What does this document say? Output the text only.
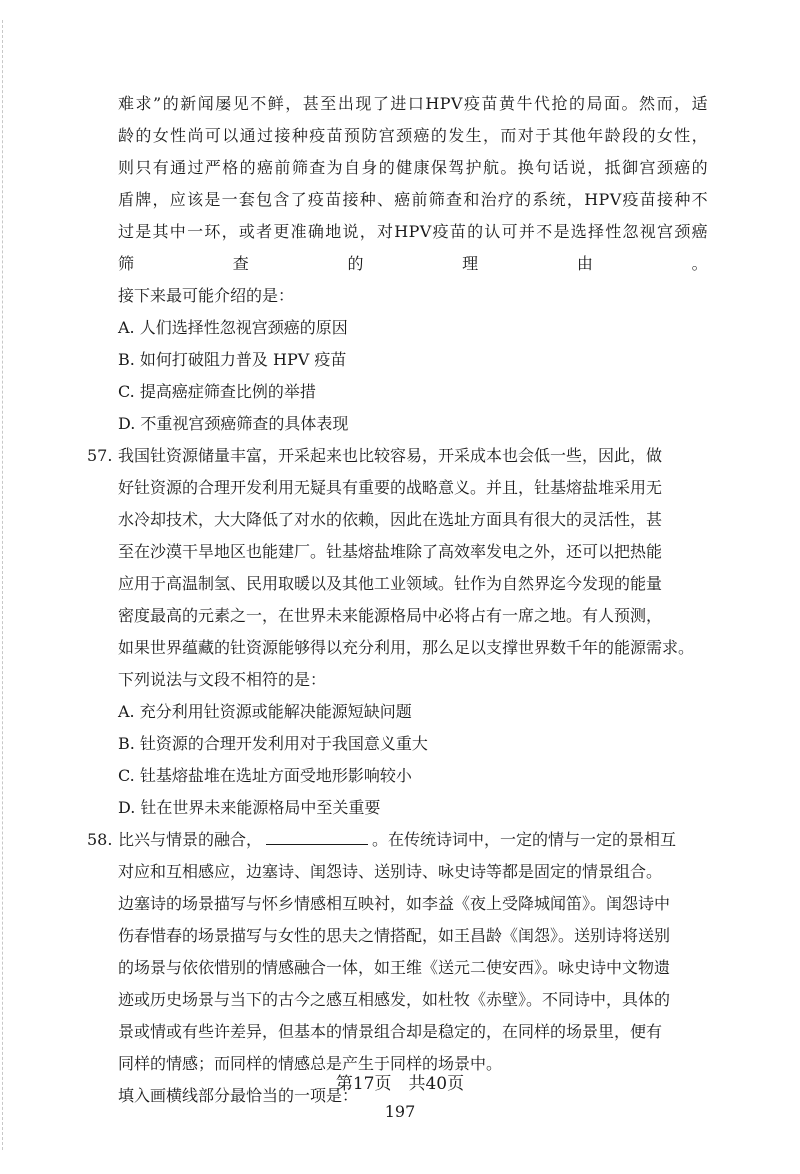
难求”的新闻屡见不鲜，甚至出现了进口HPV疫苗黄牛代抢的局面。然而，适
龄的女性尚可以通过接种疫苗预防宫颈癌的发生，而对于其他年龄段的女性，
则只有通过严格的癌前筛查为自身的健康保驾护航。换句话说，抵御宫颈癌的
盾牌，应该是一套包含了疫苗接种、癌前筛查和治疗的系统，HPV疫苗接种不
过是其中一环，或者更准确地说，对HPV疫苗的认可并不是选择性忽视宫颈癌
筛查的理由。
接下来最可能介绍的是：
A. 人们选择性忽视宫颈癌的原因
B. 如何打破阻力普及 HPV 疫苗
C. 提高癌症筛查比例的举措
D. 不重视宫颈癌筛查的具体表现
57. 我国钍资源储量丰富，开采起来也比较容易，开采成本也会低一些，因此，做
好钍资源的合理开发利用无疑具有重要的战略意义。并且，钍基熔盐堆采用无
水冷却技术，大大降低了对水的依赖，因此在选址方面具有很大的灵活性，甚
至在沙漠干旱地区也能建厂。钍基熔盐堆除了高效率发电之外，还可以把热能
应用于高温制氢、民用取暖以及其他工业领域。钍作为自然界迄今发现的能量
密度最高的元素之一，在世界未来能源格局中必将占有一席之地。有人预测，
如果世界蕴藏的钍资源能够得以充分利用，那么足以支撑世界数千年的能源需求。
下列说法与文段不相符的是：
A. 充分利用钍资源或能解决能源短缺问题
B. 钍资源的合理开发利用对于我国意义重大
C. 钍基熔盐堆在选址方面受地形影响较小
D. 钍在世界未来能源格局中至关重要
58. 比兴与情景的融合，	。在传统诗词中，一定的情与一定的景相互
对应和互相感应，边塞诗、闺怨诗、送别诗、咏史诗等都是固定的情景组合。
边塞诗的场景描写与怀乡情感相互映衬，如李益《夜上受降城闻笛》。闺怨诗中
伤春惜春的场景描写与女性的思夫之情搭配，如王昌龄《闺怨》。送别诗将送别
的场景与依依惜别的情感融合一体，如王维《送元二使安西》。咏史诗中文物遗
迹或历史场景与当下的古今之感互相感发，如杜牧《赤壁》。不同诗中，具体的
景或情或有些许差异，但基本的情景组合却是稳定的，在同样的场景里，便有
同样的情感；而同样的情感总是产生于同样的场景中。
填入画横线部分最恰当的一项是：
第17页　共40页
197
